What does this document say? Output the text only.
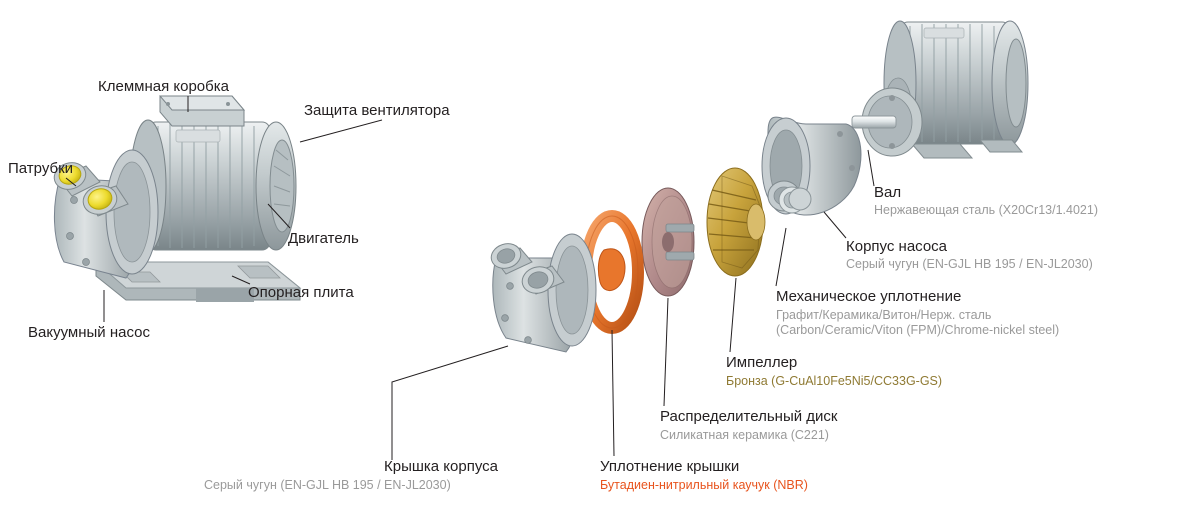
Клеммная коробка
Защита вентилятора
Патрубки
Двигатель
Опорная плита
Вакуумный насос
Вал
Нержавеющая сталь (X20Cr13/1.4021)
Корпус насоса
Серый чугун (EN-GJL HB 195 / EN-JL2030)
Механическое уплотнение
Графит/Керамика/Витон/Нерж. сталь
(Carbon/Ceramic/Viton (FPM)/Chrome-nickel steel)
Импеллер
Бронза (G-CuAl10Fe5Ni5/CC33G-GS)
Распределительный диск
Силикатная керамика (C221)
Уплотнение крышки
Бутадиен-нитрильный каучук (NBR)
Крышка корпуса
Серый чугун (EN-GJL HB 195 / EN-JL2030)
